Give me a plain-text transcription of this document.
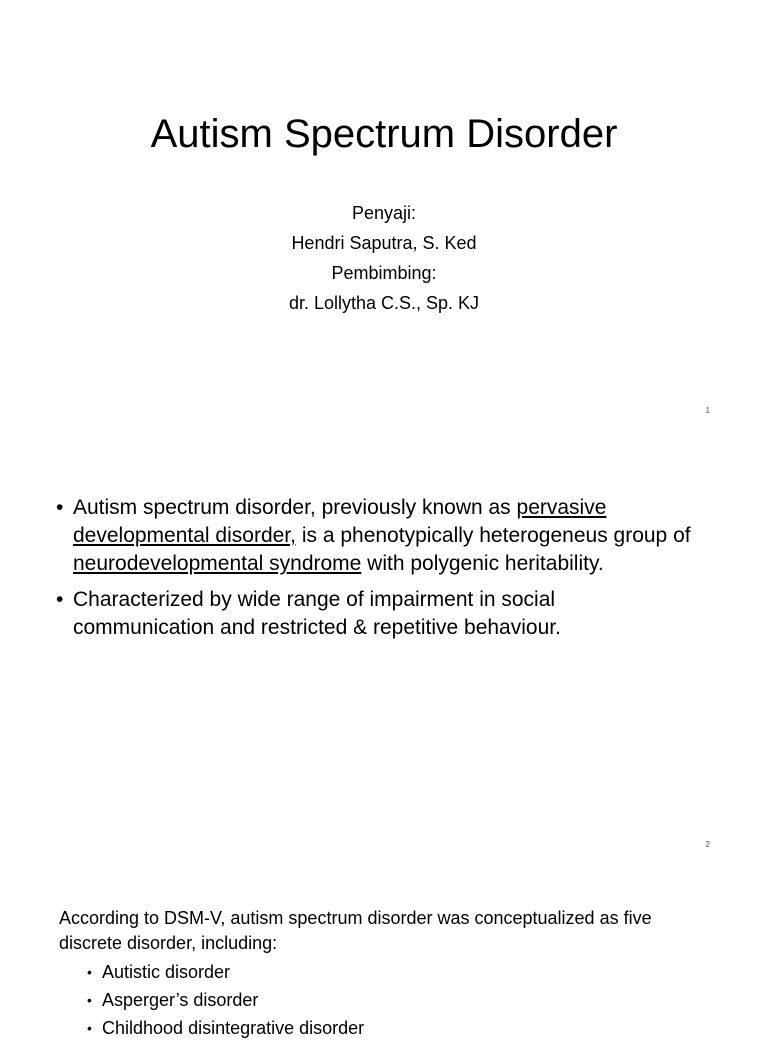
Autism Spectrum Disorder
Penyaji:
Hendri Saputra, S. Ked
Pembimbing:
dr. Lollytha C.S., Sp. KJ
1
• Autism spectrum disorder, previously known as pervasive developmental disorder, is a phenotypically heterogeneus group of neurodevelopmental syndrome with polygenic heritability.
• Characterized by wide range of impairment in social communication and restricted & repetitive behaviour.
2
According to DSM-V, autism spectrum disorder was conceptualized as five discrete disorder, including:
• Autistic disorder
• Asperger’s disorder
• Childhood disintegrative disorder
